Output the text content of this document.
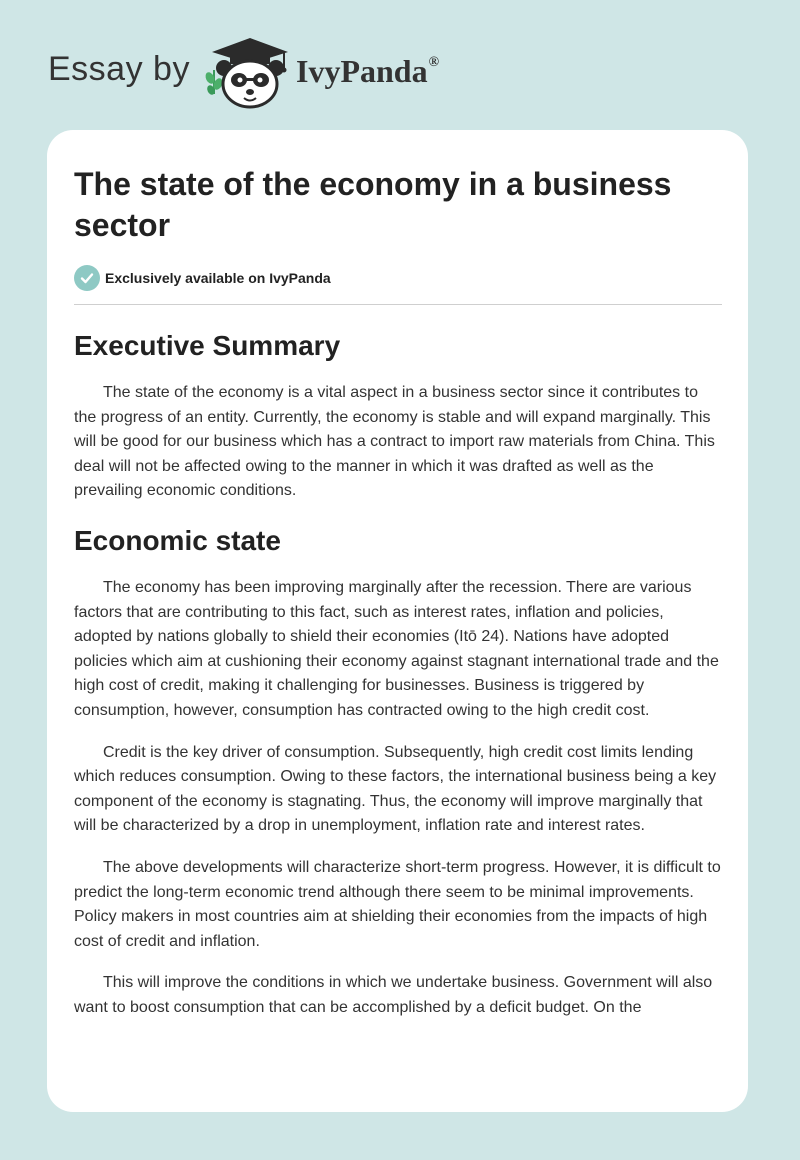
Essay by	IvyPanda®
The state of the economy in a business sector
Exclusively available on IvyPanda
Executive Summary

The state of the economy is a vital aspect in a business sector since it contributes to the progress of an entity. Currently, the economy is stable and will expand marginally. This will be good for our business which has a contract to import raw materials from China. This deal will not be affected owing to the manner in which it was drafted as well as the prevailing economic conditions.

Economic state

The economy has been improving marginally after the recession. There are various factors that are contributing to this fact, such as interest rates, inflation and policies, adopted by nations globally to shield their economies (Itō 24). Nations have adopted policies which aim at cushioning their economy against stagnant international trade and the high cost of credit, making it challenging for businesses. Business is triggered by consumption, however, consumption has contracted owing to the high credit cost.

Credit is the key driver of consumption. Subsequently, high credit cost limits lending which reduces consumption. Owing to these factors, the international business being a key component of the economy is stagnating. Thus, the economy will improve marginally that will be characterized by a drop in unemployment, inflation rate and interest rates.

The above developments will characterize short-term progress. However, it is difficult to predict the long-term economic trend although there seem to be minimal improvements. Policy makers in most countries aim at shielding their economies from the impacts of high cost of credit and inflation.

This will improve the conditions in which we undertake business. Government will also want to boost consumption that can be accomplished by a deficit budget. On the
